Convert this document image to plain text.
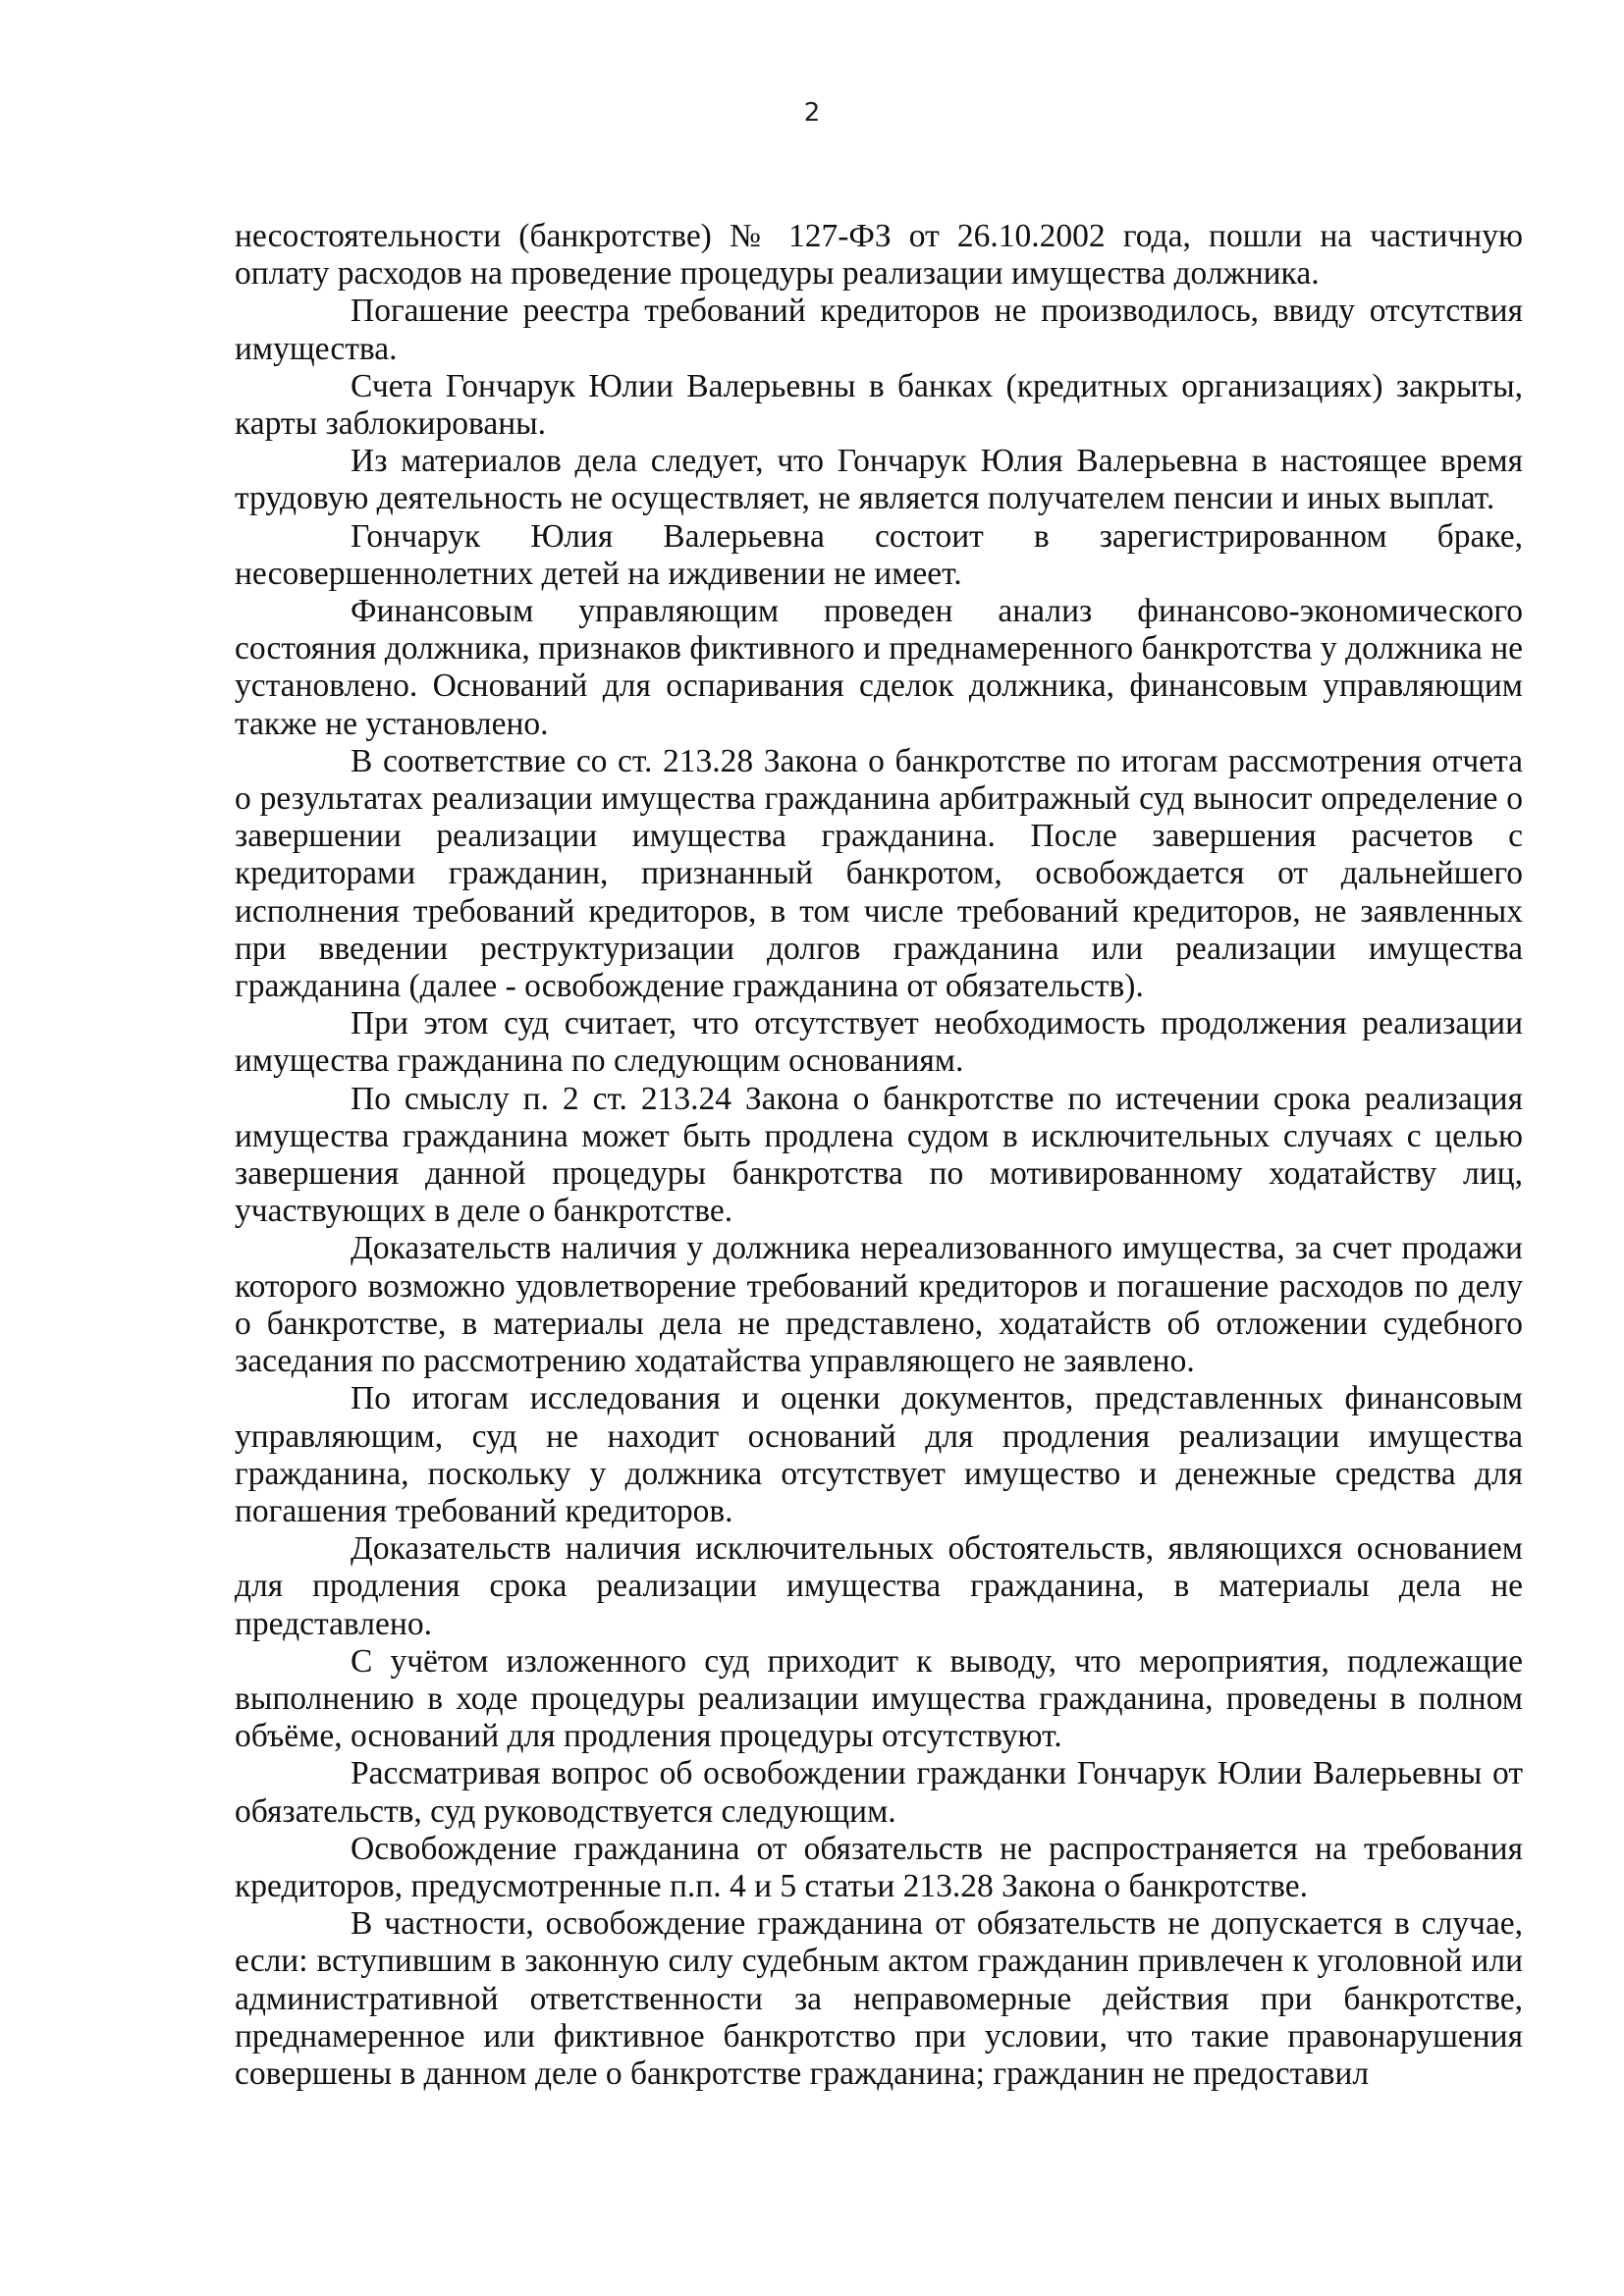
2

несостоятельности (банкротстве) № 127-ФЗ от 26.10.2002 года, пошли на частичную оплату расходов на проведение процедуры реализации имущества должника.

Погашение реестра требований кредиторов не производилось, ввиду отсутствия имущества.

Счета Гончарук Юлии Валерьевны в банках (кредитных организациях) закрыты, карты заблокированы.

Из материалов дела следует, что Гончарук Юлия Валерьевна в настоящее время трудовую деятельность не осуществляет, не является получателем пенсии и иных выплат.

Гончарук Юлия Валерьевна состоит в зарегистрированном браке, несовершеннолетних детей на иждивении не имеет.

Финансовым управляющим проведен анализ финансово-экономического состояния должника, признаков фиктивного и преднамеренного банкротства у должника не установлено. Оснований для оспаривания сделок должника, финансовым управляющим также не установлено.

В соответствие со ст. 213.28 Закона о банкротстве по итогам рассмотрения отчета о результатах реализации имущества гражданина арбитражный суд выносит определение о завершении реализации имущества гражданина. После завершения расчетов с кредиторами гражданин, признанный банкротом, освобождается от дальнейшего исполнения требований кредиторов, в том числе требований кредиторов, не заявленных при введении реструктуризации долгов гражданина или реализации имущества гражданина (далее - освобождение гражданина от обязательств).

При этом суд считает, что отсутствует необходимость продолжения реализации имущества гражданина по следующим основаниям.

По смыслу п. 2 ст. 213.24 Закона о банкротстве по истечении срока реализация имущества гражданина может быть продлена судом в исключительных случаях с целью завершения данной процедуры банкротства по мотивированному ходатайству лиц, участвующих в деле о банкротстве.

Доказательств наличия у должника нереализованного имущества, за счет продажи которого возможно удовлетворение требований кредиторов и погашение расходов по делу о банкротстве, в материалы дела не представлено, ходатайств об отложении судебного заседания по рассмотрению ходатайства управляющего не заявлено.

По итогам исследования и оценки документов, представленных финансовым управляющим, суд не находит оснований для продления реализации имущества гражданина, поскольку у должника отсутствует имущество и денежные средства для погашения требований кредиторов.

Доказательств наличия исключительных обстоятельств, являющихся основанием для продления срока реализации имущества гражданина, в материалы дела не представлено.

С учётом изложенного суд приходит к выводу, что мероприятия, подлежащие выполнению в ходе процедуры реализации имущества гражданина, проведены в полном объёме, оснований для продления процедуры отсутствуют.

Рассматривая вопрос об освобождении гражданки Гончарук Юлии Валерьевны от обязательств, суд руководствуется следующим.

Освобождение гражданина от обязательств не распространяется на требования кредиторов, предусмотренные п.п. 4 и 5 статьи 213.28 Закона о банкротстве.

В частности, освобождение гражданина от обязательств не допускается в случае, если: вступившим в законную силу судебным актом гражданин привлечен к уголовной или административной ответственности за неправомерные действия при банкротстве, преднамеренное или фиктивное банкротство при условии, что такие правонарушения совершены в данном деле о банкротстве гражданина; гражданин не предоставил
